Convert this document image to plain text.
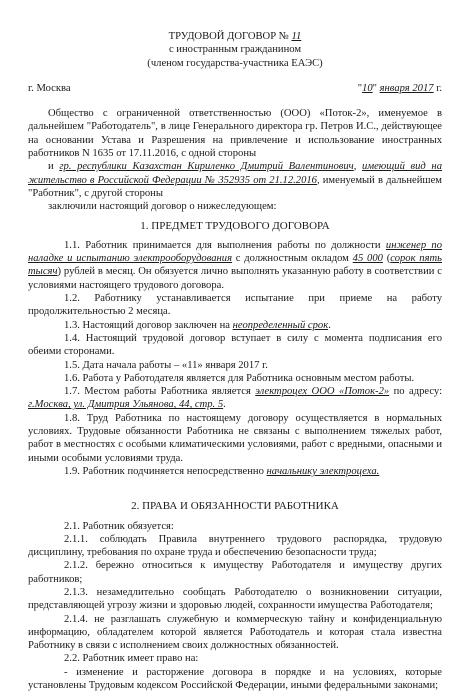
ТРУДОВОЙ ДОГОВОР № 11

с иностранным гражданином

(членом государства-участника ЕАЭС)

г. Москва	"10" января 2017 г.

Общество с ограниченной ответственностью (ООО) «Поток-2», именуемое в дальнейшем "Работодатель", в лице Генерального директора гр. Петров И.С., действующее на основании Устава и Разрешения на привлечение и использование иностранных работников N 1635 от 17.11.2016, с одной стороны

и гр. республики Казахстан Кириленко Дмитрий Валентинович, имеющий вид на жительство в Российской Федерации № 352935 от 21.12.2016, именуемый в дальнейшем "Работник", с другой стороны

заключили настоящий договор о нижеследующем:

1. ПРЕДМЕТ ТРУДОВОГО ДОГОВОРА

1.1. Работник принимается для выполнения работы по должности инженер по наладке и испытанию электрооборудования с должностным окладом 45 000 (сорок пять тысяч) рублей в месяц. Он обязуется лично выполнять указанную работу в соответствии с условиями настоящего трудового договора.

1.2. Работнику устанавливается испытание при приеме на работу продолжительностью 2 месяца.

1.3. Настоящий договор заключен на неопределенный срок.

1.4. Настоящий трудовой договор вступает в силу с момента подписания его обеими сторонами.

1.5. Дата начала работы – «11» января 2017 г.

1.6. Работа у Работодателя является для Работника основным местом работы.

1.7. Местом работы Работника является электроцех ООО «Поток-2» по адресу: г.Москва, ул. Дмитрия Ульянова, 44, стр. 5.

1.8. Труд Работника по настоящему договору осуществляется в нормальных условиях. Трудовые обязанности Работника не связаны с выполнением тяжелых работ, работ в местностях с особыми климатическими условиями, работ с вредными, опасными и иными особыми условиями труда.

1.9. Работник подчиняется непосредственно начальнику электроцеха.

2. ПРАВА И ОБЯЗАННОСТИ РАБОТНИКА

2.1. Работник обязуется:

2.1.1. соблюдать Правила внутреннего трудового распорядка, трудовую дисциплину, требования по охране труда и обеспечению безопасности труда;

2.1.2. бережно относиться к имуществу Работодателя и имуществу других работников;

2.1.3. незамедлительно сообщать Работодателю о возникновении ситуации, представляющей угрозу жизни и здоровью людей, сохранности имущества Работодателя;

2.1.4. не разглашать служебную и коммерческую тайну и конфиденциальную информацию, обладателем которой является Работодатель и которая стала известна Работнику в связи с исполнением своих должностных обязанностей.

2.2. Работник имеет право на:

- изменение и расторжение договора в порядке и на условиях, которые установлены Трудовым кодексом Российской Федерации, иными федеральными законами;
